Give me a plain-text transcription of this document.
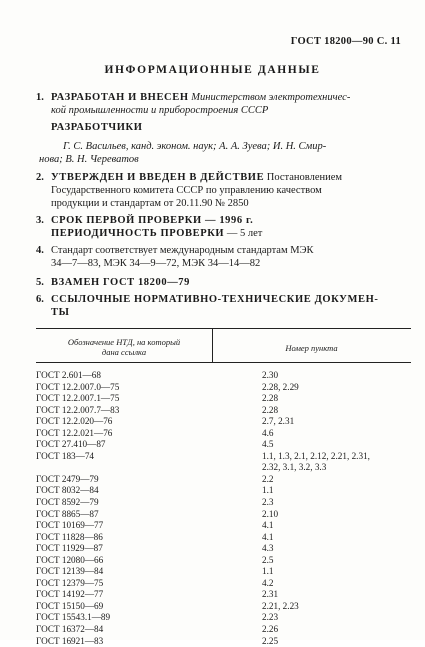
ГОСТ 18200—90 С. 11
ИНФОРМАЦИОННЫЕ ДАННЫЕ
1. РАЗРАБОТАН И ВНЕСЕН Министерством электротехничес-
кой промышленности и приборостроения СССР
РАЗРАБОТЧИКИ
Г. С. Васильев, канд. эконом. наук; А. А. Зуева; И. Н. Смир-
нова; В. Н. Череватов
2. УТВЕРЖДЕН И ВВЕДЕН В ДЕЙСТВИЕ Постановлением
Государственного комитета СССР по управлению качеством
продукции и стандартам от 20.11.90 № 2850
3. СРОК ПЕРВОЙ ПРОВЕРКИ — 1996 г.
ПЕРИОДИЧНОСТЬ ПРОВЕРКИ — 5 лет
4. Стандарт соответствует международным стандартам МЭК
34—7—83, МЭК 34—9—72, МЭК 34—14—82
5. ВЗАМЕН ГОСТ 18200—79
6. ССЫЛОЧНЫЕ НОРМАТИВНО-ТЕХНИЧЕСКИЕ ДОКУМЕН-
ТЫ
Обозначение НТД, на который
дана ссылка	Номер пункта
ГОСТ 2.601—68	2.30
ГОСТ 12.2.007.0—75	2.28, 2.29
ГОСТ 12.2.007.1—75	2.28
ГОСТ 12.2.007.7—83	2.28
ГОСТ 12.2.020—76	2.7, 2.31
ГОСТ 12.2.021—76	4.6
ГОСТ 27.410—87	4.5
ГОСТ 183—74	1.1, 1.3, 2.1, 2.12, 2.21, 2.31,
2.32, 3.1, 3.2, 3.3
ГОСТ 2479—79	2.2
ГОСТ 8032—84	1.1
ГОСТ 8592—79	2.3
ГОСТ 8865—87	2.10
ГОСТ 10169—77	4.1
ГОСТ 11828—86	4.1
ГОСТ 11929—87	4.3
ГОСТ 12080—66	2.5
ГОСТ 12139—84	1.1
ГОСТ 12379—75	4.2
ГОСТ 14192—77	2.31
ГОСТ 15150—69	2.21, 2.23
ГОСТ 15543.1—89	2.23
ГОСТ 16372—84	2.26
ГОСТ 16921—83	2.25
